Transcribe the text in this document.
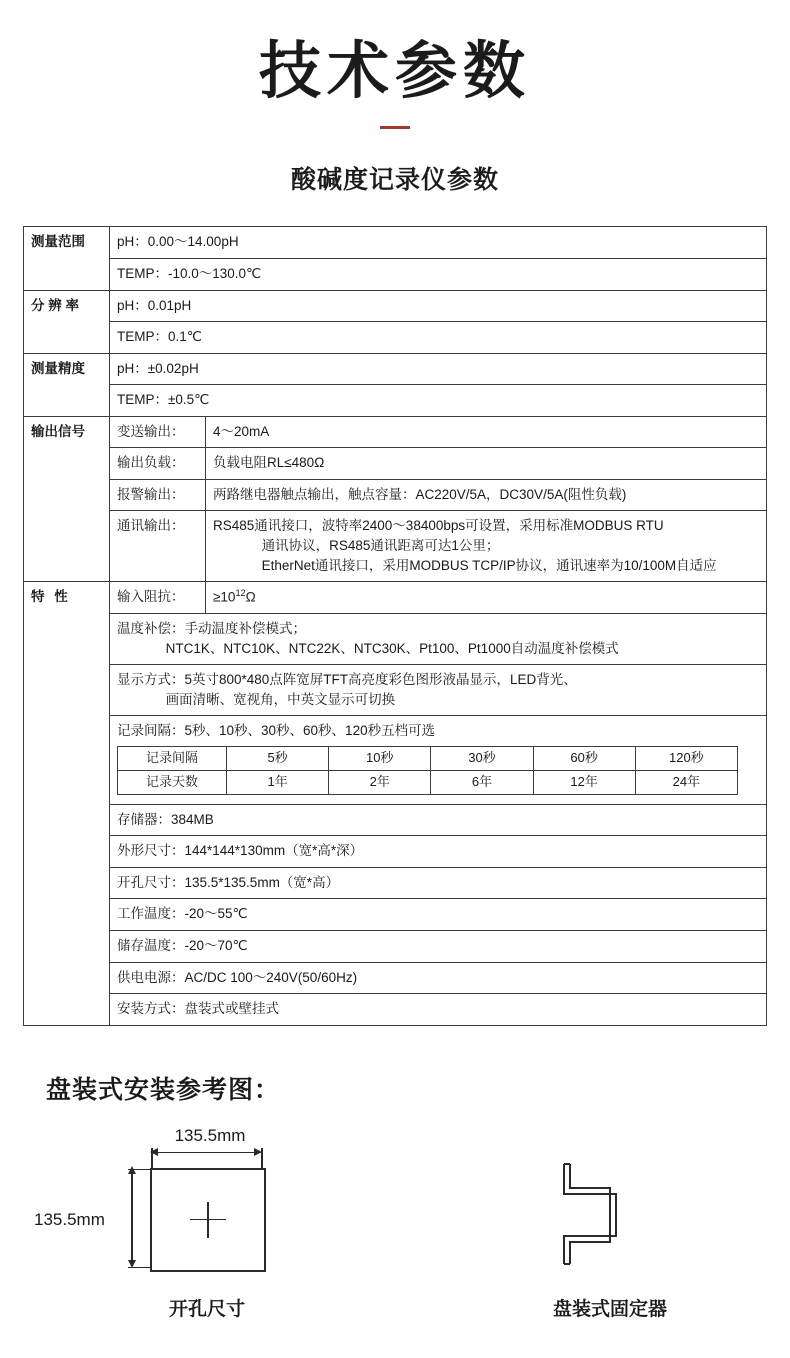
技术参数
酸碱度记录仪参数
测量范围	pH：0.00～14.00pH
TEMP：-10.0～130.0℃
分 辨 率	pH：0.01pH
TEMP：0.1℃
测量精度	pH：±0.02pH
TEMP：±0.5℃
输出信号	变送输出：	4～20mA
输出负载：	负载电阻RL≤480Ω
报警输出：	两路继电器触点输出，触点容量：AC220V/5A，DC30V/5A(阻性负载)
通讯输出：	RS485通讯接口，波特率2400～38400bps可设置，采用标准MODBUS RTU
通讯协议，RS485通讯距离可达1公里；
EtherNet通讯接口，采用MODBUS TCP/IP协议，通讯速率为10/100M自适应

特 性	输入阻抗：	$\ge 10^{12}\Omega$

温度补偿：手动温度补偿模式；
NTC1K、NTC10K、NTC22K、NTC30K、Pt100、Pt1000自动温度补偿模式

显示方式：5英寸800*480点阵宽屏TFT高亮度彩色图形液晶显示，LED背光、
画面清晰、宽视角，中英文显示可切换

记录间隔：5秒、10秒、30秒、60秒、120秒五档可选
记录间隔	5秒	10秒	30秒	60秒	120秒
记录天数	1年	2年	6年	12年	24年

存储器：384MB
外形尺寸：144*144*130mm（宽*高*深）
开孔尺寸：135.5*135.5mm（宽*高）
工作温度：-20～55℃
储存温度：-20～70℃
供电电源：AC/DC 100～240V(50/60Hz)
安装方式：盘装式或壁挂式
盘装式安装参考图：
135.5mm
135.5mm
开孔尺寸	盘装式固定器
